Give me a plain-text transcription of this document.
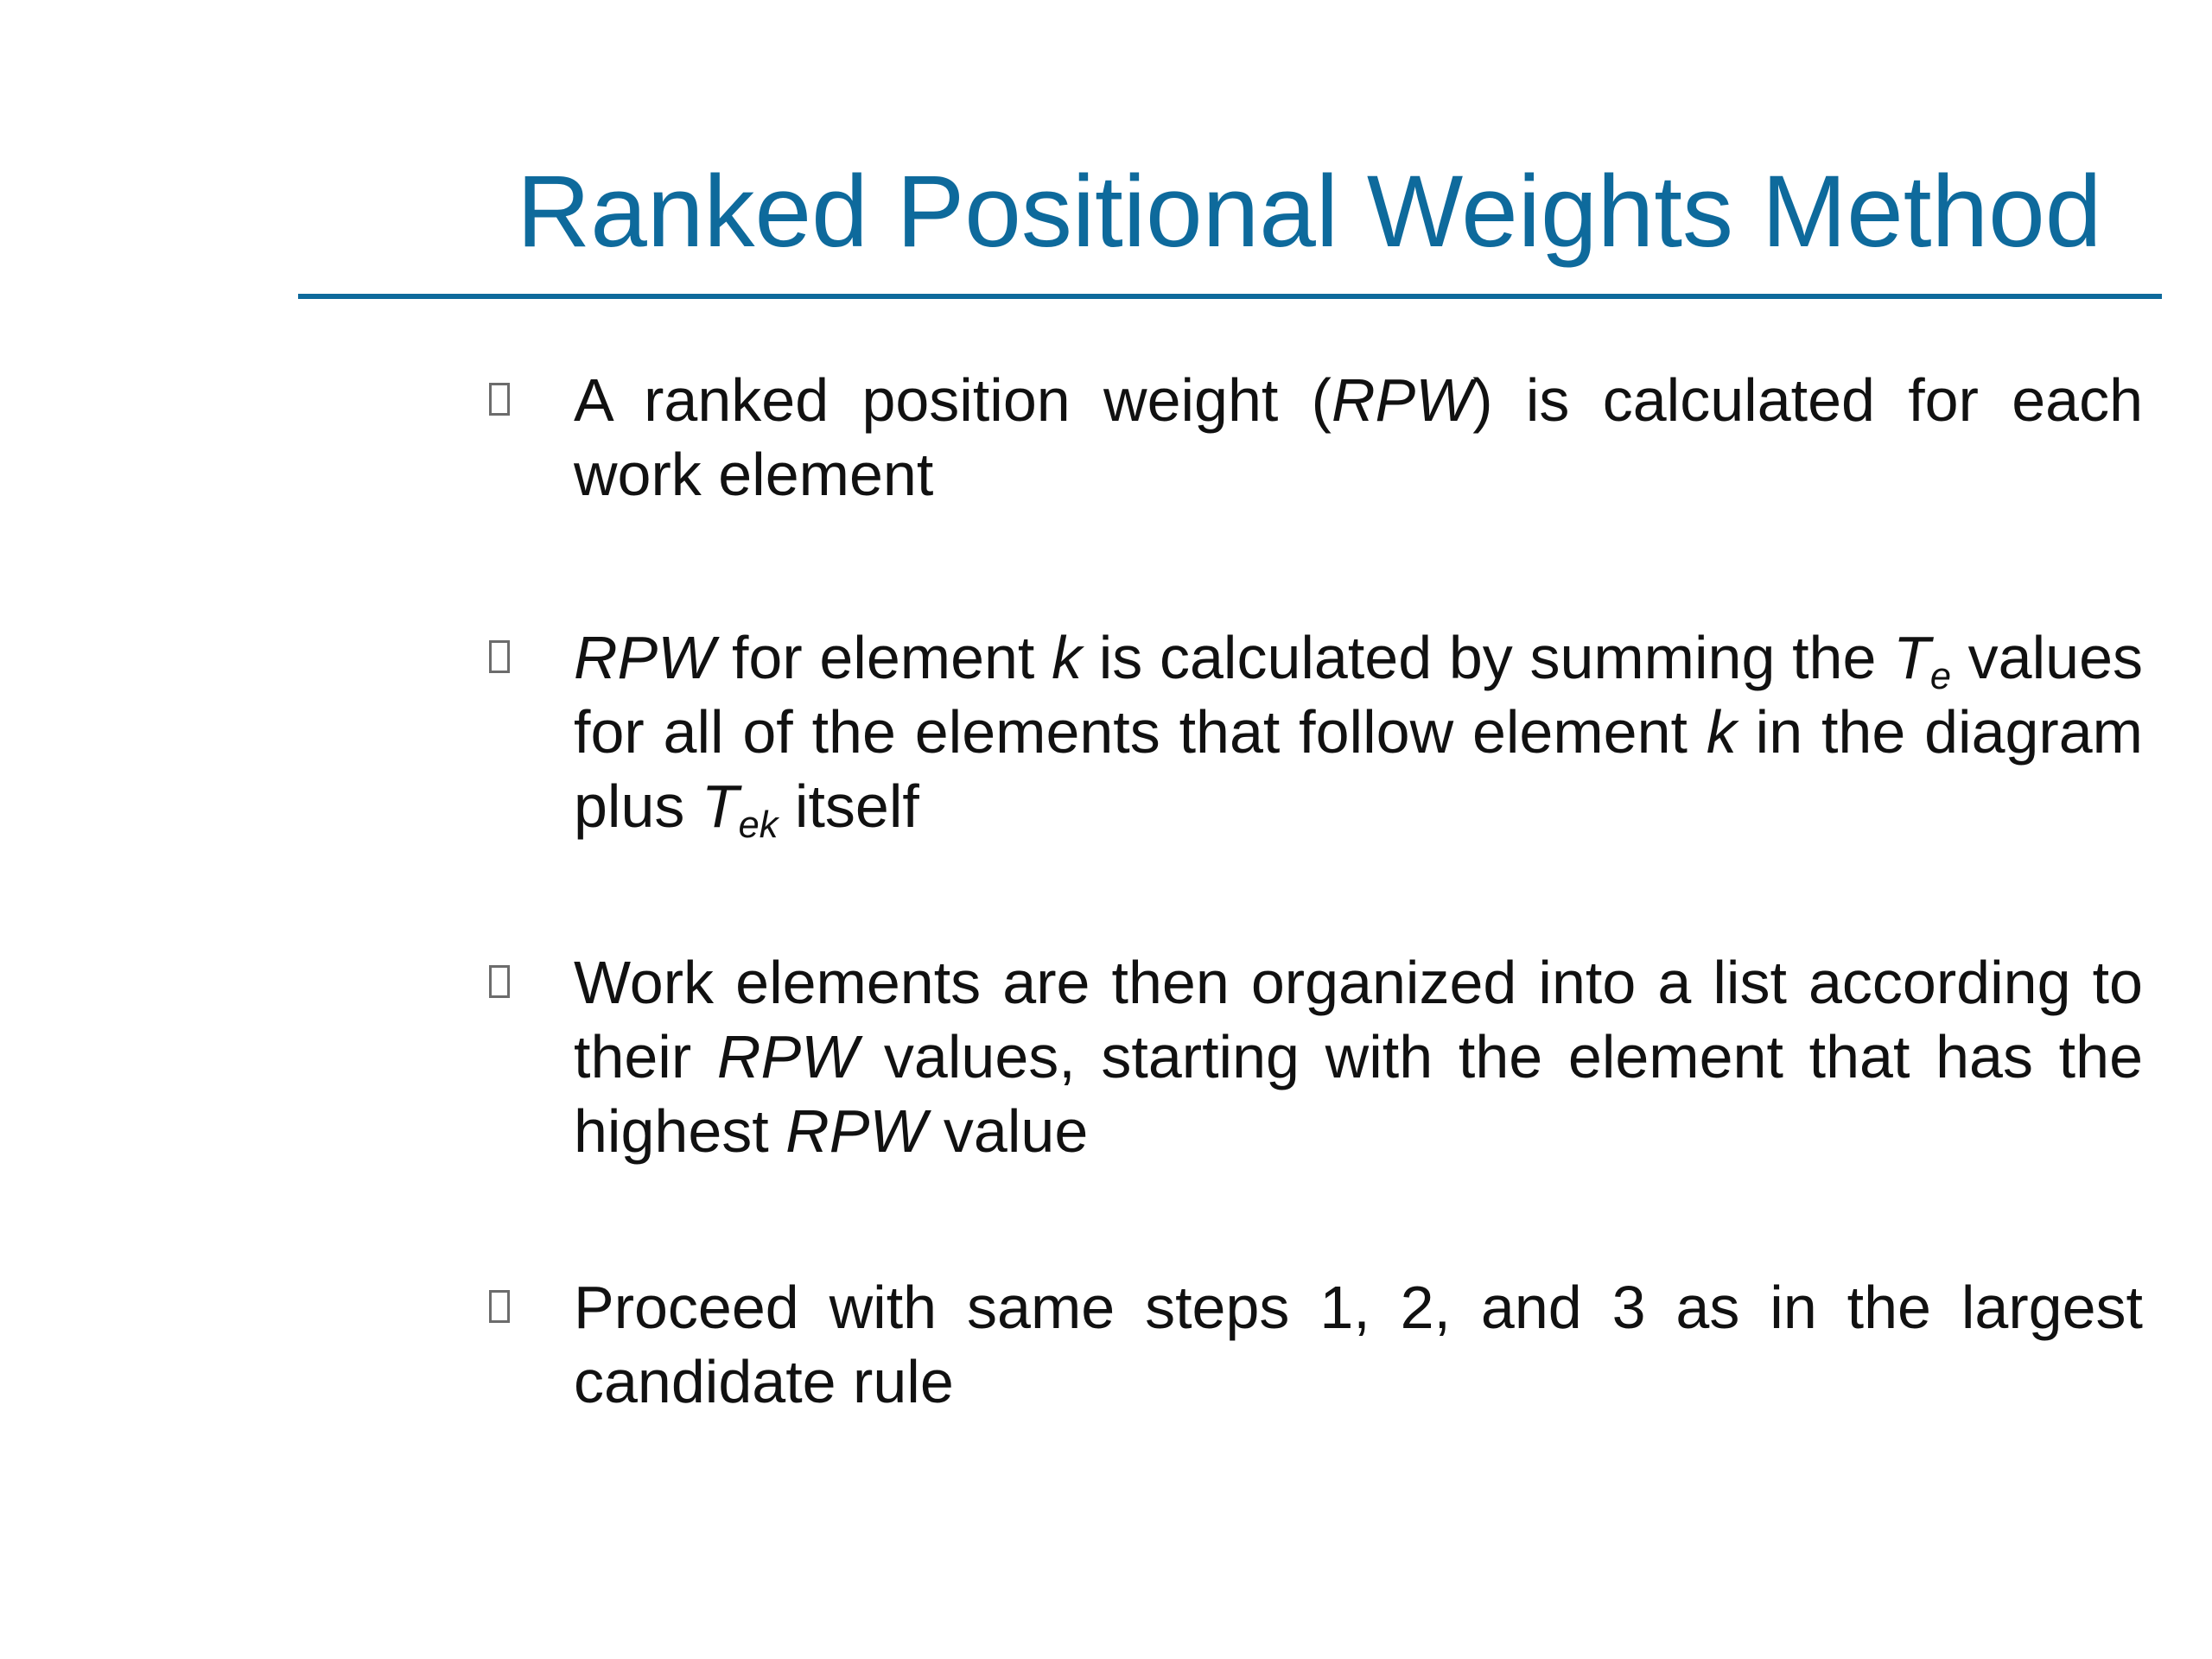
Ranked Positional Weights Method
A ranked position weight (RPW) is calculated for each work element
RPW for element k is calculated by summing the $T_e$ values for all of the elements that follow element k in the diagram plus $T_{ek}$ itself
Work elements are then organized into a list according to their RPW values, starting with the element that has the highest RPW value
Proceed with same steps 1, 2, and 3 as in the largest candidate rule
